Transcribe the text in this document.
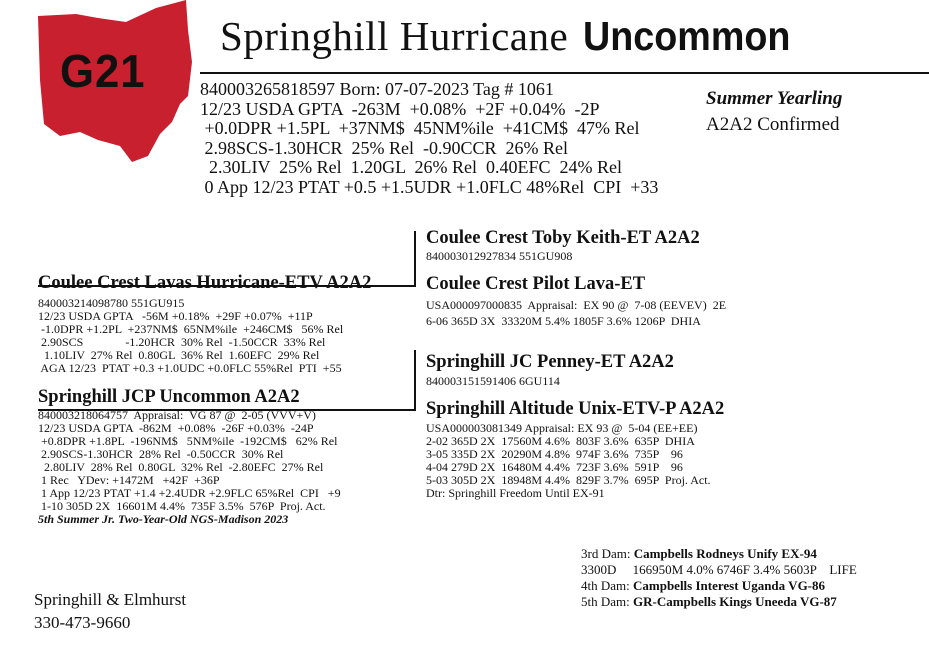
G21
Springhill Hurricane Uncommon
840003265818597 Born: 07-07-2023 Tag # 1061
12/23 USDA GPTA  -263M  +0.08%  +2F +0.04%  -2P
+0.0DPR +1.5PL  +37NM$  45NM%ile  +41CM$  47% Rel
2.98SCS-1.30HCR  25% Rel  -0.90CCR  26% Rel
2.30LIV  25% Rel  1.20GL  26% Rel  0.40EFC  24% Rel
0 App 12/23 PTAT +0.5 +1.5UDR +1.0FLC 48%Rel  CPI  +33
Summer Yearling
A2A2 Confirmed
Coulee Crest Lavas Hurricane-ETV A2A2
840003214098780 551GU915
12/23 USDA GPTA   -56M +0.18%  +29F +0.07%  +11P
-1.0DPR +1.2PL  +237NM$  65NM%ile  +246CM$   56% Rel
2.90SCS              -1.20HCR  30% Rel  -1.50CCR  33% Rel
1.10LIV  27% Rel  0.80GL  36% Rel  1.60EFC  29% Rel
AGA 12/23  PTAT +0.3 +1.0UDC +0.0FLC 55%Rel  PTI  +55
Springhill JCP Uncommon A2A2
840003218064757  Appraisal:  VG 87 @  2-05 (VVV+V)
12/23 USDA GPTA  -862M  +0.08%  -26F +0.03%  -24P
+0.8DPR +1.8PL  -196NM$   5NM%ile  -192CM$   62% Rel
2.90SCS-1.30HCR  28% Rel  -0.50CCR  30% Rel
2.80LIV  28% Rel  0.80GL  32% Rel  -2.80EFC  27% Rel
1 Rec   YDev: +1472M   +42F  +36P
1 App 12/23 PTAT +1.4 +2.4UDR +2.9FLC 65%Rel  CPI   +9
1-10 305D 2X  16601M 4.4%  735F 3.5%  576P  Proj. Act.
5th Summer Jr. Two-Year-Old NGS-Madison 2023
Coulee Crest Toby Keith-ET A2A2
840003012927834 551GU908
Coulee Crest Pilot Lava-ET
USA000097000835  Appraisal:  EX 90 @  7-08 (EEVEV)  2E
6-06 365D 3X  33320M 5.4% 1805F 3.6% 1206P  DHIA
Springhill JC Penney-ET A2A2
840003151591406 6GU114
Springhill Altitude Unix-ETV-P A2A2
USA000003081349 Appraisal: EX 93 @  5-04 (EE+EE)
2-02 365D 2X  17560M 4.6%  803F 3.6%  635P  DHIA
3-05 335D 2X  20290M 4.8%  974F 3.6%  735P    96
4-04 279D 2X  16480M 4.4%  723F 3.6%  591P    96
5-03 305D 2X  18948M 4.4%  829F 3.7%  695P  Proj. Act.
Dtr: Springhill Freedom Until EX-91
3rd Dam: Campbells Rodneys Unify EX-94
3300D     166950M 4.0% 6746F 3.4% 5603P    LIFE
4th Dam: Campbells Interest Uganda VG-86
5th Dam: GR-Campbells Kings Uneeda VG-87
Springhill & Elmhurst
330-473-9660
